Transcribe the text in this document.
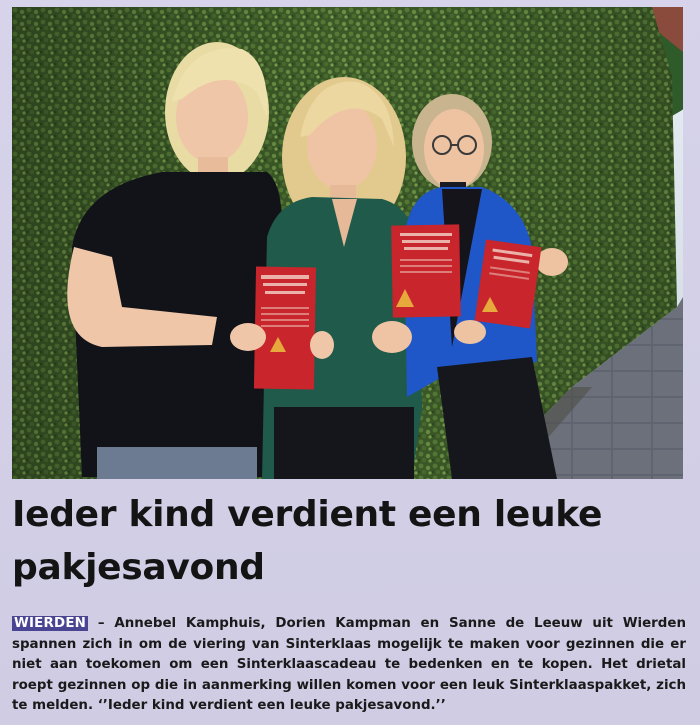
Ieder kind verdient een leuke pakjesavond

WIERDEN – Annebel Kamphuis, Dorien Kampman en Sanne de Leeuw uit Wierden spannen zich in om de viering van Sinterklaas mogelijk te maken voor gezinnen die er niet aan toekomen om een Sinterklaascadeau te bedenken en te kopen. Het drietal roept gezinnen op die in aanmerking willen komen voor een leuk Sinterklaaspakket, zich te melden. ‘’Ieder kind verdient een leuke pakjesavond.’’
